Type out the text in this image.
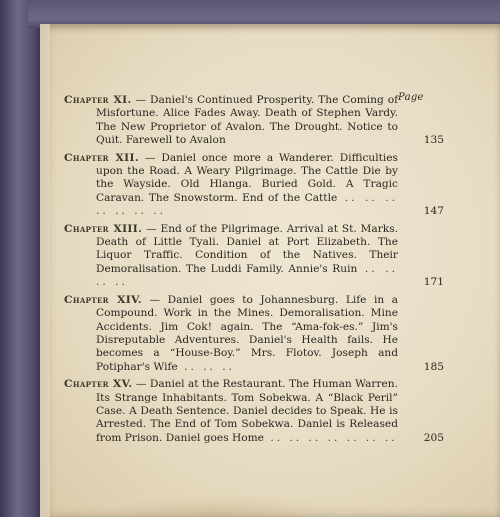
Page
Chapter XI. — Daniel's Continued Prosperity. The Coming of Misfortune. Alice Fades Away. Death of Stephen Vardy. The New Proprietor of Avalon. The Drought. Notice to Quit. Farewell to Avalon	135
Chapter XII. — Daniel once more a Wanderer. Difficulties upon the Road. A Weary Pilgrimage. The Cattle Die by the Wayside. Old Hlanga. Buried Gold. A Tragic Caravan. The Snowstorm. End of the Cattle .. .. .. .. .. .. ..	147
Chapter XIII. — End of the Pilgrimage. Arrival at St. Marks. Death of Little Tyali. Daniel at Port Elizabeth. The Liquor Traffic. Condition of the Natives. Their Demoralisation. The Luddi Family. Annie's Ruin .. .. .. ..	171
Chapter XIV. — Daniel goes to Johannesburg. Life in a Compound. Work in the Mines. Demoralisation. Mine Accidents. Jim Cok! again. The “Ama-fok-es.” Jim's Disreputable Adventures. Daniel's Health fails. He becomes a “House-Boy.” Mrs. Flotov. Joseph and Potiphar's Wife .. .. ..	185
Chapter XV. — Daniel at the Restaurant. The Human Warren. Its Strange Inhabitants. Tom Sobekwa. A “Black Peril” Case. A Death Sentence. Daniel decides to Speak. He is Arrested. The End of Tom Sobekwa. Daniel is Released from Prison. Daniel goes Home .. .. .. .. .. .. ..	205
